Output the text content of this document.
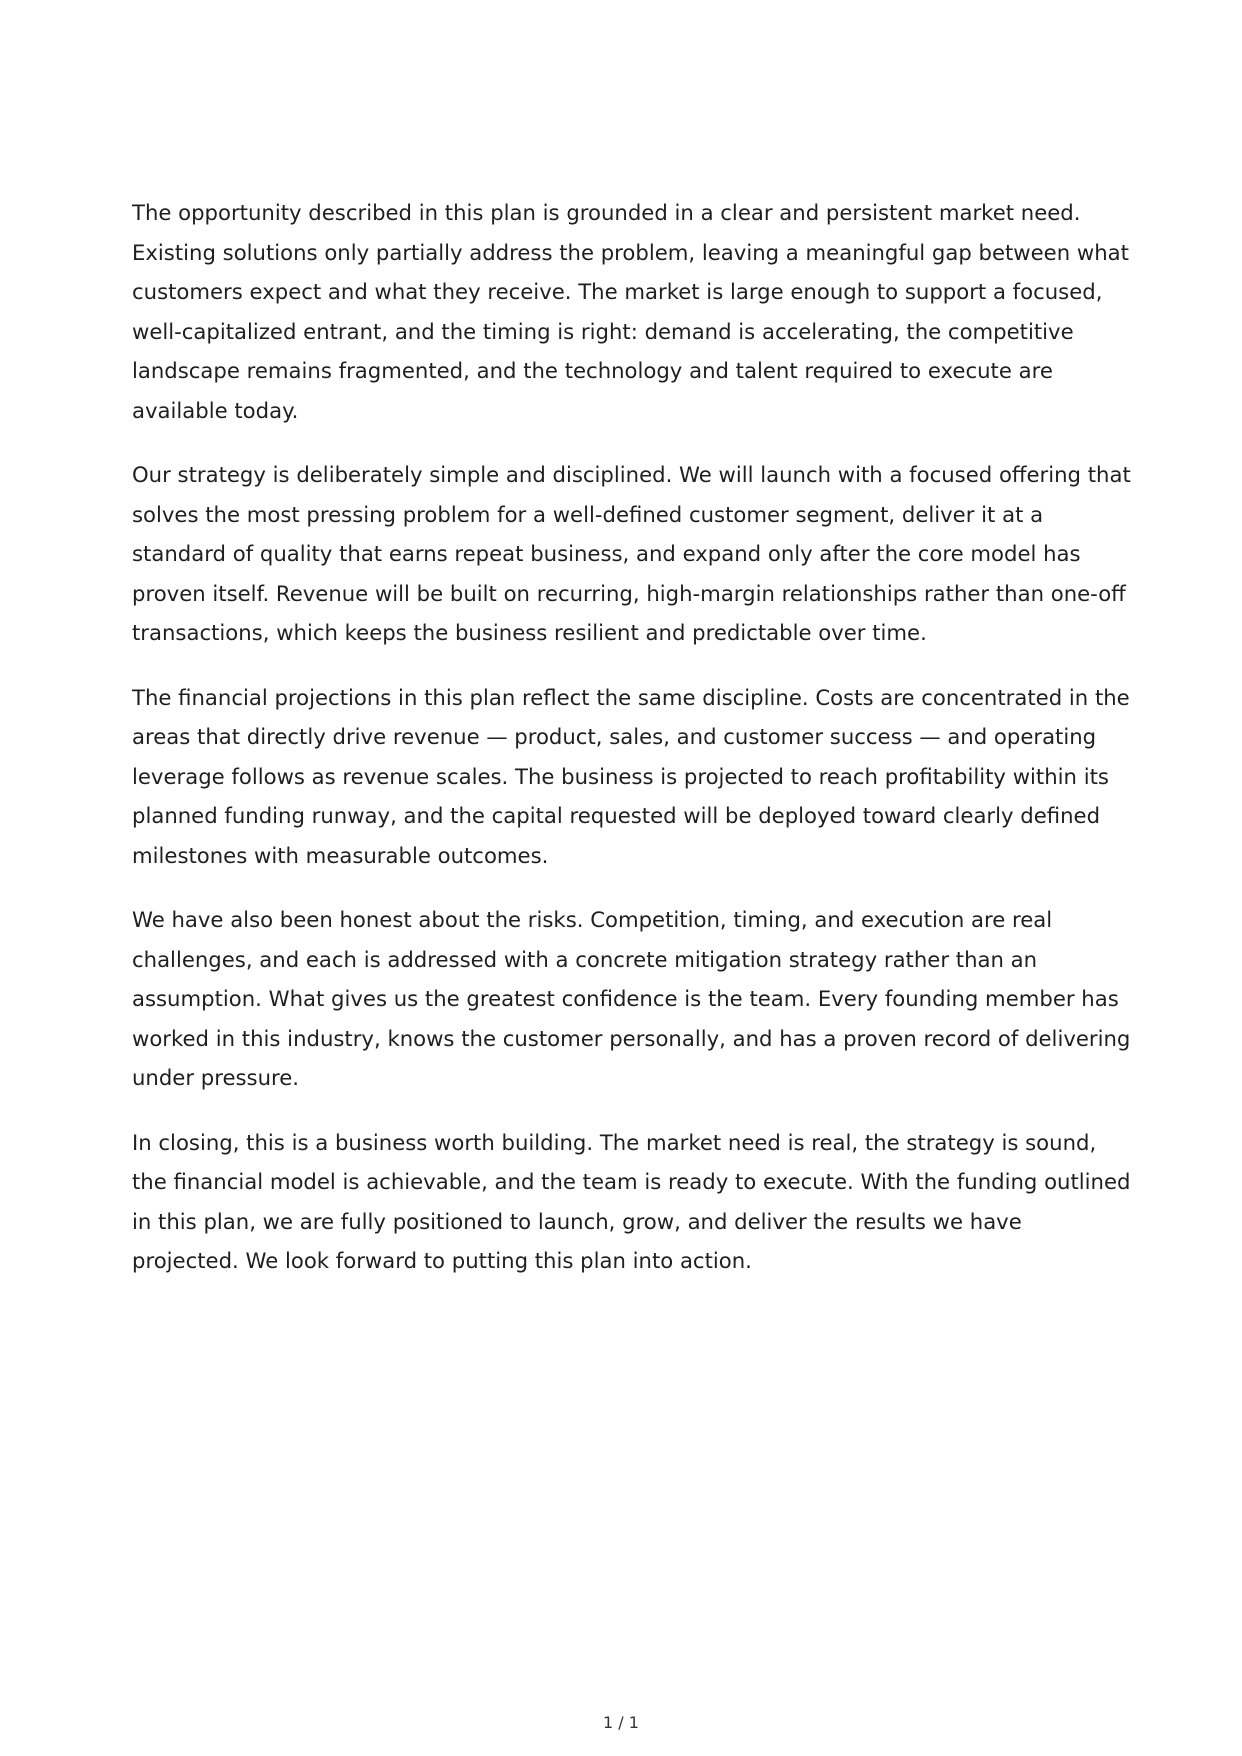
The opportunity described in this plan is grounded in a clear and persistent market need. Existing solutions only partially address the problem, leaving a meaningful gap between what customers expect and what they receive. The market is large enough to support a focused, well-capitalized entrant, and the timing is right: demand is accelerating, the competitive landscape remains fragmented, and the technology and talent required to execute are available today.

Our strategy is deliberately simple and disciplined. We will launch with a focused offering that solves the most pressing problem for a well-defined customer segment, deliver it at a standard of quality that earns repeat business, and expand only after the core model has proven itself. Revenue will be built on recurring, high-margin relationships rather than one-off transactions, which keeps the business resilient and predictable over time.

The financial projections in this plan reflect the same discipline. Costs are concentrated in the areas that directly drive revenue — product, sales, and customer success — and operating leverage follows as revenue scales. The business is projected to reach profitability within its planned funding runway, and the capital requested will be deployed toward clearly defined milestones with measurable outcomes.

We have also been honest about the risks. Competition, timing, and execution are real challenges, and each is addressed with a concrete mitigation strategy rather than an assumption. What gives us the greatest confidence is the team. Every founding member has worked in this industry, knows the customer personally, and has a proven record of delivering under pressure.

In closing, this is a business worth building. The market need is real, the strategy is sound, the financial model is achievable, and the team is ready to execute. With the funding outlined in this plan, we are fully positioned to launch, grow, and deliver the results we have projected. We look forward to putting this plan into action.

1 / 1
